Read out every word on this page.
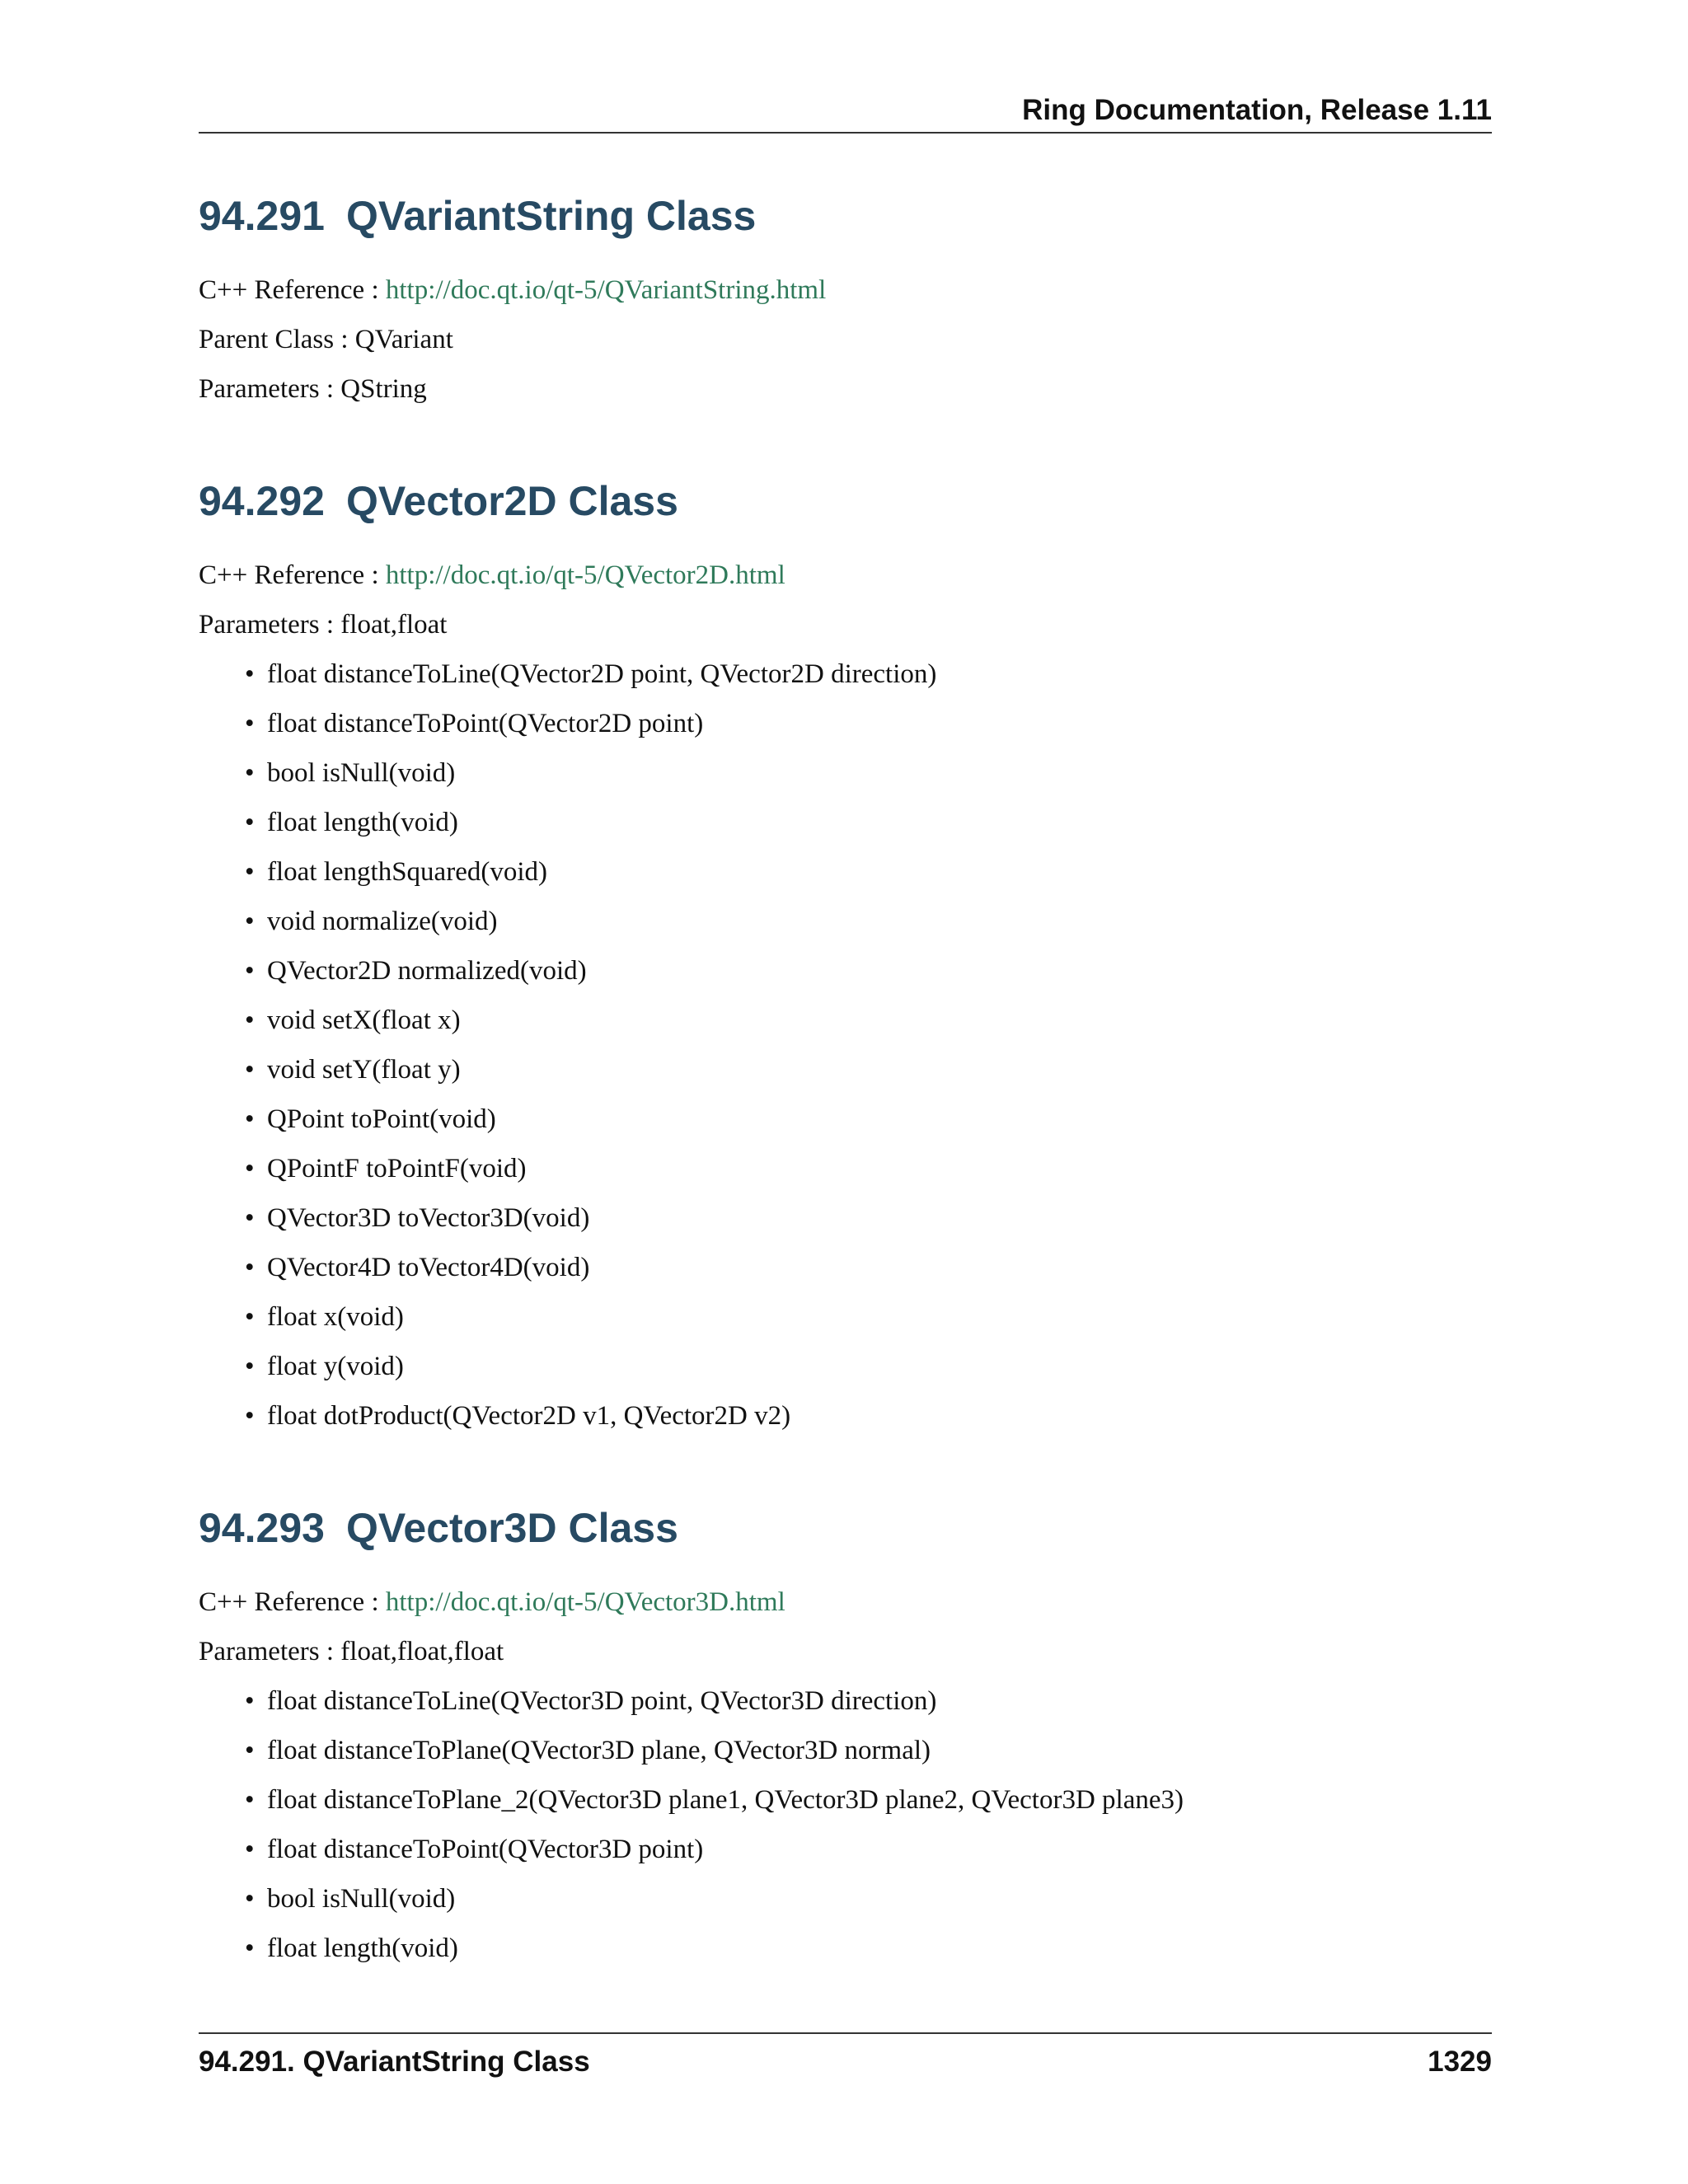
Ring Documentation, Release 1.11
94.291 QVariantString Class
C++ Reference : http://doc.qt.io/qt-5/QVariantString.html
Parent Class : QVariant
Parameters : QString
94.292 QVector2D Class
C++ Reference : http://doc.qt.io/qt-5/QVector2D.html
Parameters : float,float
• float distanceToLine(QVector2D point, QVector2D direction)
• float distanceToPoint(QVector2D point)
• bool isNull(void)
• float length(void)
• float lengthSquared(void)
• void normalize(void)
• QVector2D normalized(void)
• void setX(float x)
• void setY(float y)
• QPoint toPoint(void)
• QPointF toPointF(void)
• QVector3D toVector3D(void)
• QVector4D toVector4D(void)
• float x(void)
• float y(void)
• float dotProduct(QVector2D v1, QVector2D v2)
94.293 QVector3D Class
C++ Reference : http://doc.qt.io/qt-5/QVector3D.html
Parameters : float,float,float
• float distanceToLine(QVector3D point, QVector3D direction)
• float distanceToPlane(QVector3D plane, QVector3D normal)
• float distanceToPlane_2(QVector3D plane1, QVector3D plane2, QVector3D plane3)
• float distanceToPoint(QVector3D point)
• bool isNull(void)
• float length(void)
94.291. QVariantString Class	1329
